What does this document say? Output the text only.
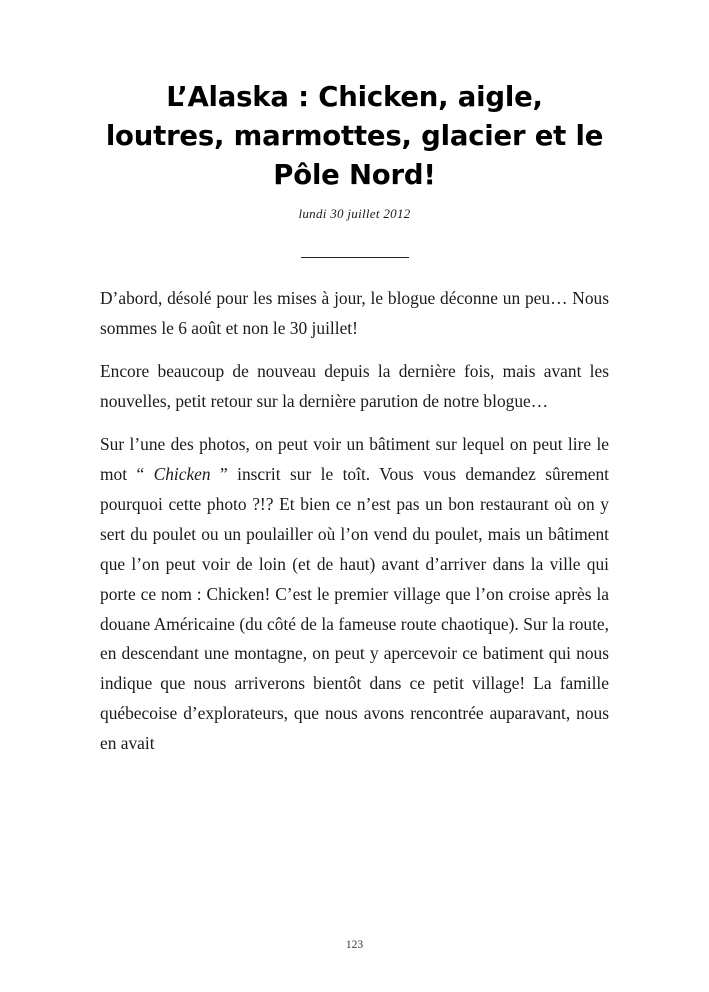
L’Alaska : Chicken, aigle, loutres, marmottes, glacier et le Pôle Nord!
lundi 30 juillet 2012

D’abord, désolé pour les mises à jour, le blogue déconne un peu… Nous sommes le 6 août et non le 30 juillet!

Encore beaucoup de nouveau depuis la dernière fois, mais avant les nouvelles, petit retour sur la dernière parution de notre blogue…

Sur l’une des photos, on peut voir un bâtiment sur lequel on peut lire le mot “ Chicken ” inscrit sur le toît. Vous vous demandez sûrement pourquoi cette photo ?!? Et bien ce n’est pas un bon restaurant où on y sert du poulet ou un poulailler où l’on vend du poulet, mais un bâtiment que l’on peut voir de loin (et de haut) avant d’arriver dans la ville qui porte ce nom : Chicken! C’est le premier village que l’on croise après la douane Américaine (du côté de la fameuse route chaotique). Sur la route, en descendant une montagne, on peut y apercevoir ce batiment qui nous indique que nous arriverons bientôt dans ce petit village! La famille québecoise d’explorateurs, que nous avons rencontrée auparavant, nous en avait

123
